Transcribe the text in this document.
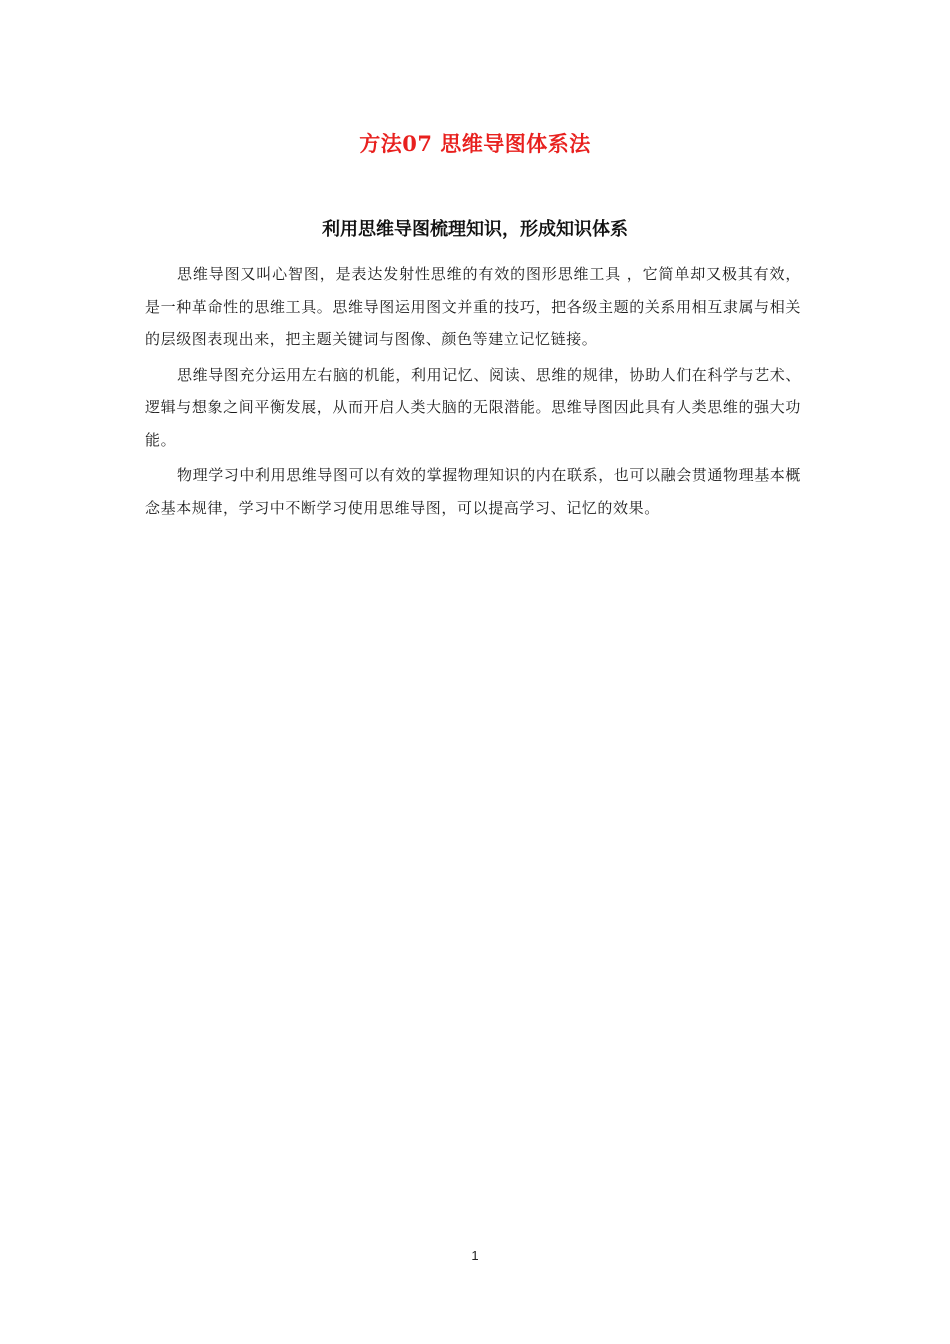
方法07 思维导图体系法
利用思维导图梳理知识，形成知识体系

思维导图又叫心智图，是表达发射性思维的有效的图形思维工具 ，它简单却又极其有效，是一种革命性的思维工具。思维导图运用图文并重的技巧，把各级主题的关系用相互隶属与相关的层级图表现出来，把主题关键词与图像、颜色等建立记忆链接。

思维导图充分运用左右脑的机能，利用记忆、阅读、思维的规律，协助人们在科学与艺术、逻辑与想象之间平衡发展，从而开启人类大脑的无限潜能。思维导图因此具有人类思维的强大功能。

物理学习中利用思维导图可以有效的掌握物理知识的内在联系，也可以融会贯通物理基本概念基本规律，学习中不断学习使用思维导图，可以提高学习、记忆的效果。

1
